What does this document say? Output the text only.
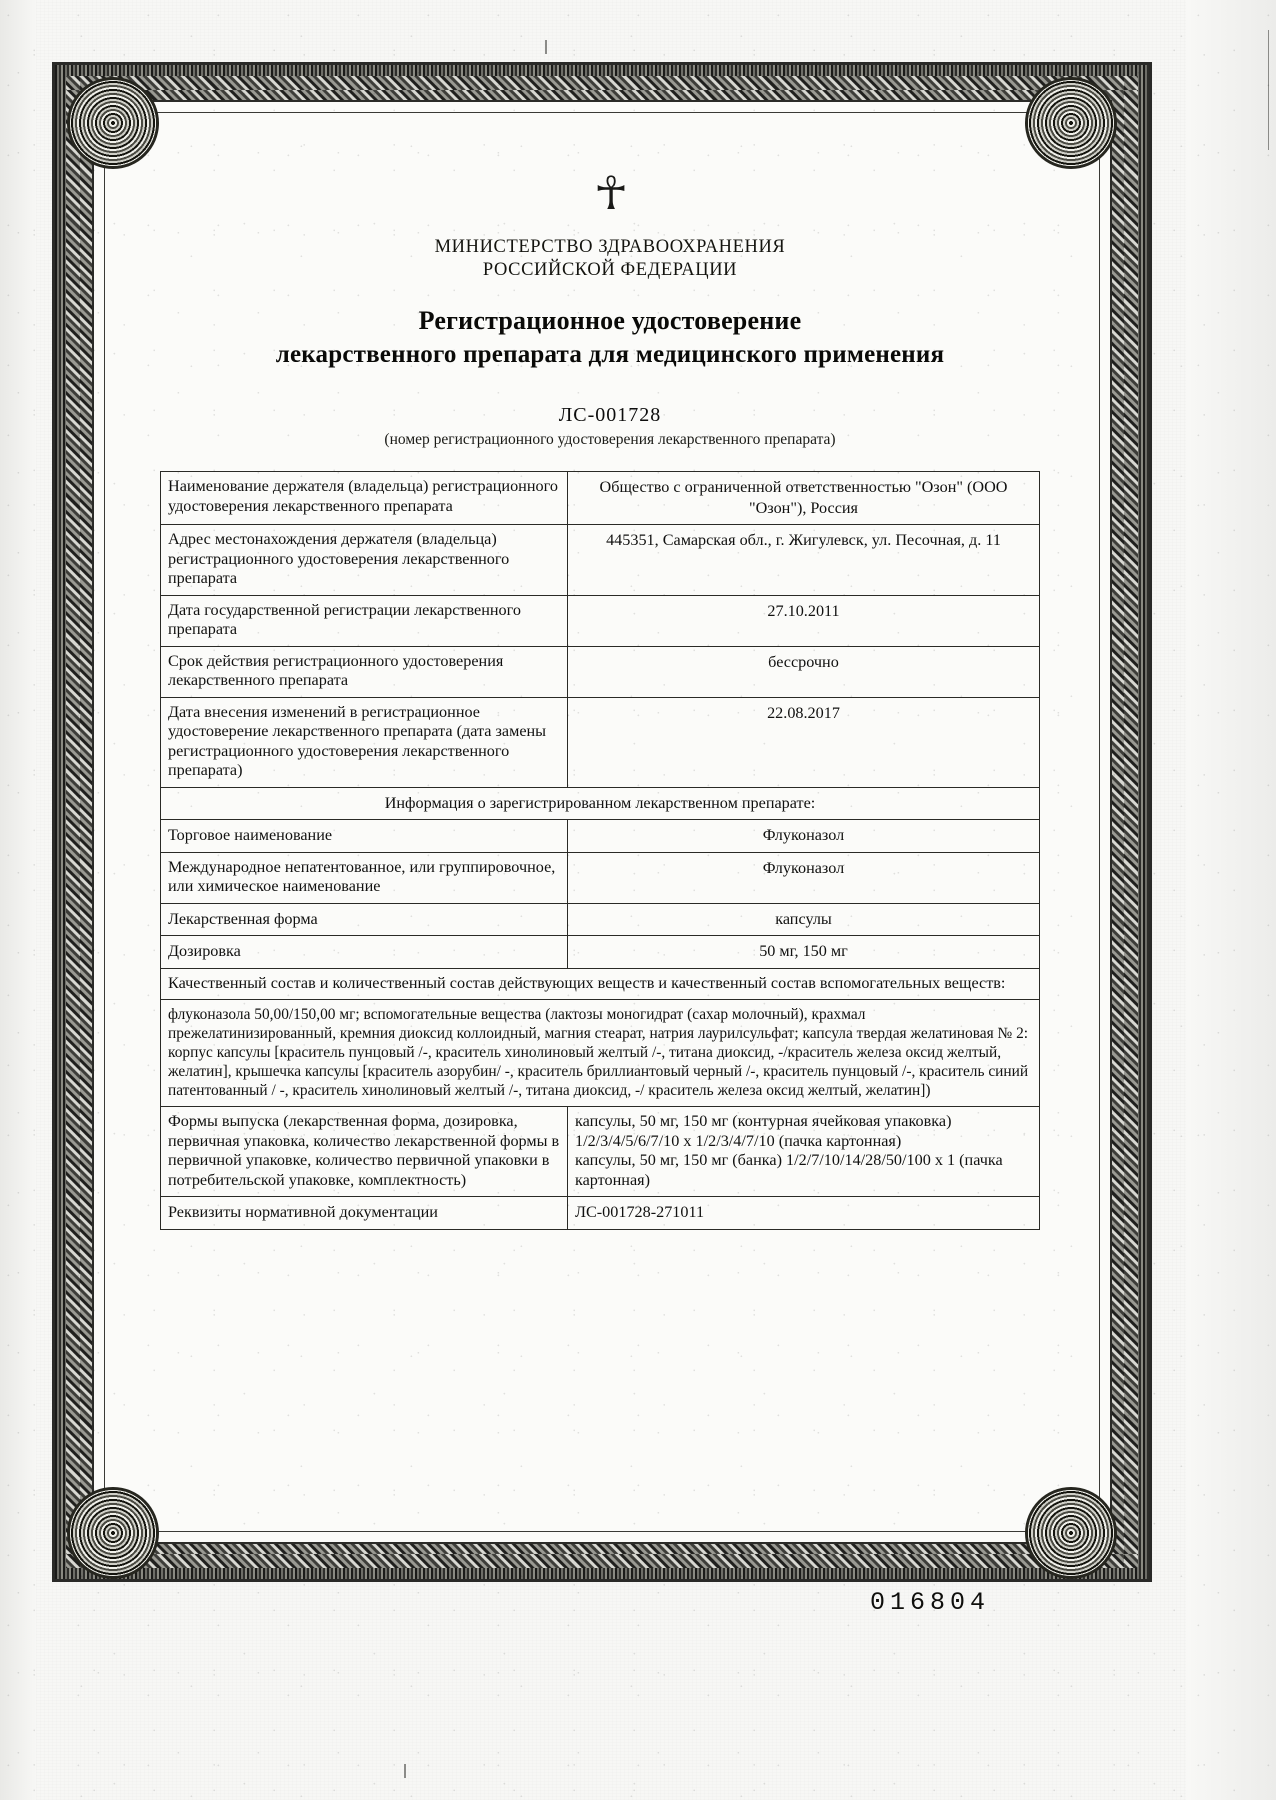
☥
МИНИСТЕРСТВО ЗДРАВООХРАНЕНИЯ
РОССИЙСКОЙ ФЕДЕРАЦИИ
Регистрационное удостоверение
лекарственного препарата для медицинского применения
ЛС-001728
(номер регистрационного удостоверения лекарственного препарата)
Наименование держателя (владельца) регистрационного удостоверения лекарственного препарата	Общество с ограниченной ответственностью "Озон" (ООО "Озон"), Россия
Адрес местонахождения держателя (владельца) регистрационного удостоверения лекарственного препарата	445351, Самарская обл., г. Жигулевск, ул. Песочная, д. 11
Дата государственной регистрации лекарственного препарата	27.10.2011
Срок действия регистрационного удостоверения лекарственного препарата	бессрочно
Дата внесения изменений в регистрационное удостоверение лекарственного препарата (дата замены регистрационного удостоверения лекарственного препарата)	22.08.2017
Информация о зарегистрированном лекарственном препарате:	
Торговое наименование	Флуконазол
Международное непатентованное, или группировочное, или химическое наименование	Флуконазол
Лекарственная форма	капсулы
Дозировка	50 мг, 150 мг
Качественный состав и количественный состав действующих веществ и качественный состав вспомогательных веществ:	
флуконазола 50,00/150,00 мг; вспомогательные вещества (лактозы моногидрат (сахар молочный), крахмал прежелатинизированный, кремния диоксид коллоидный, магния стеарат, натрия лаурилсульфат; капсула твердая желатиновая № 2: корпус капсулы [краситель пунцовый /-, краситель хинолиновый желтый /-, титана диоксид, -/краситель железа оксид желтый, желатин], крышечка капсулы [краситель азорубин/ -, краситель бриллиантовый черный /-, краситель пунцовый /-, краситель синий патентованный / -, краситель хинолиновый желтый /-, титана диоксид, -/ краситель железа оксид желтый, желатин])	
Формы выпуска (лекарственная форма, дозировка, первичная упаковка, количество лекарственной формы в первичной упаковке, количество первичной упаковки в потребительской упаковке, комплектность)	капсулы, 50 мг, 150 мг (контурная ячейковая упаковка) 1/2/3/4/5/6/7/10 х 1/2/3/4/7/10 (пачка картонная)
капсулы, 50 мг, 150 мг (банка) 1/2/7/10/14/28/50/100 х 1 (пачка картонная)

Реквизиты нормативной документации	ЛС-001728-271011
016804
